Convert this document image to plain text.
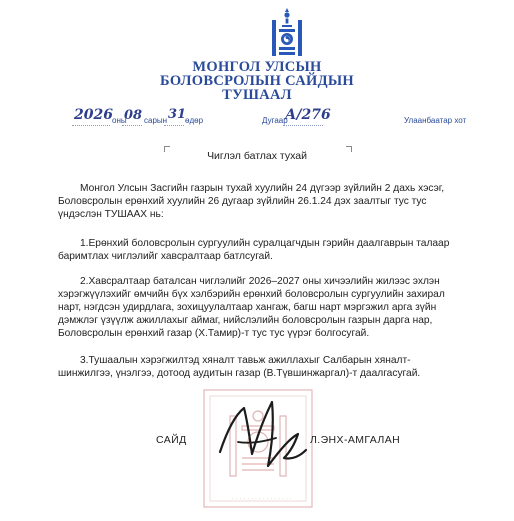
МОНГОЛ УЛСЫН
БОЛОВСРОЛЫН САЙДЫН
ТУШААЛ
2026 оны
08 сарын 31
өдөр	Дугаар
А/276	Улаанбаатар хот
Чиглэл батлах тухай
Монгол Улсын Засгийн газрын тухай хуулийн 24 дүгээр зүйлийн 2 дахь хэсэг,
Боловсролын ерөнхий хуулийн 26 дугаар зүйлийн 26.1.24 дэх заалтыг тус тус
үндэслэн ТУШААХ нь:
1.Ерөнхий боловсролын сургуулийн суралцагчдын гэрийн даалгаврын талаар
баримтлах чиглэлийг хавсралтаар батлсугай.
2.Хавсралтаар баталсан чиглэлийг 2026–2027 оны хичээлийн жилээс эхлэн
хэрэгжүүлэхийг өмчийн бүх хэлбэрийн ерөнхий боловсролын сургуулийн захирал
нарт, нэгдсэн удирдлага, зохицуулалтаар хангаж, багш нарт мэргэжил арга зүйн
дэмжлэг үзүүлж ажиллахыг аймаг, нийслэлийн боловсролын газрын дарга нар,
Боловсролын ерөнхий газар (Х.Тамир)-т тус тус үүрэг болгосугай.
3.Тушаалын хэрэгжилтэд хяналт тавьж ажиллахыг Салбарын хяналт-
шинжилгээ, үнэлгээ, дотоод аудитын газар (В.Түвшинжаргал)-т даалгасугай.
· · · · · · · · · · · · · · · ·
САЙД	Л.ЭНХ-АМГАЛАН
